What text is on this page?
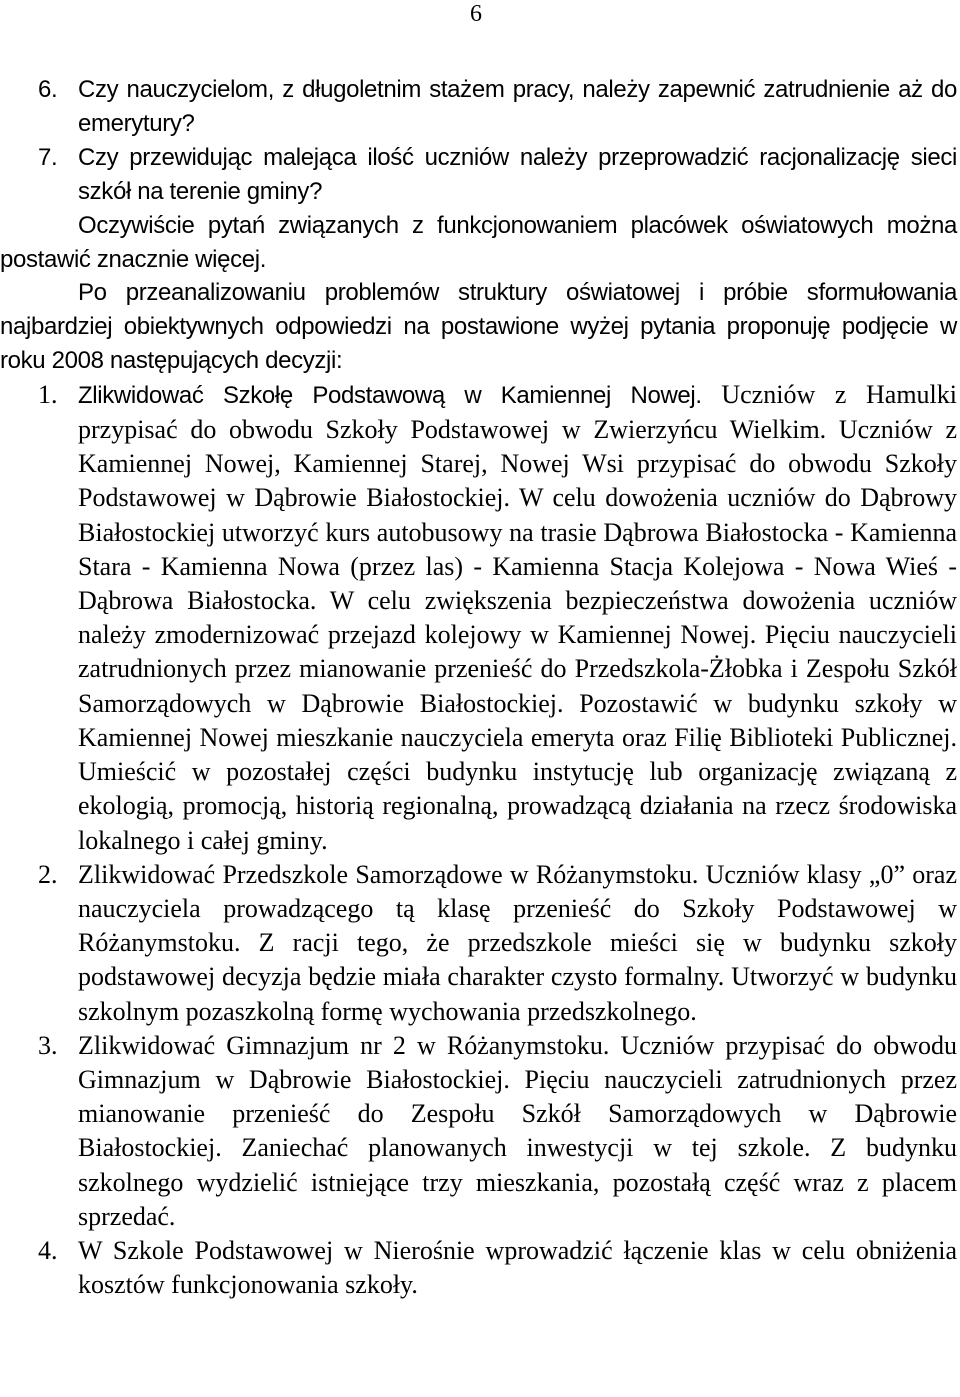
6
6. Czy nauczycielom, z długoletnim stażem pracy, należy zapewnić zatrudnienie aż do emerytury?
7. Czy przewidując malejąca ilość uczniów należy przeprowadzić racjonalizację sieci szkół na terenie gminy?

Oczywiście pytań związanych z funkcjonowaniem placówek oświatowych można postawić znacznie więcej.

Po przeanalizowaniu problemów struktury oświatowej i próbie sformułowania najbardziej obiektywnych odpowiedzi na postawione wyżej pytania proponuję podjęcie w roku 2008 następujących decyzji:

1. Zlikwidować Szkołę Podstawową w Kamiennej Nowej. Uczniów z Hamulki przypisać do obwodu Szkoły Podstawowej w Zwierzyńcu Wielkim. Uczniów z Kamiennej Nowej, Kamiennej Starej, Nowej Wsi przypisać do obwodu Szkoły Podstawowej w Dąbrowie Białostockiej. W celu dowożenia uczniów do Dąbrowy Białostockiej utworzyć kurs autobusowy na trasie Dąbrowa Białostocka - Kamienna Stara - Kamienna Nowa (przez las) - Kamienna Stacja Kolejowa - Nowa Wieś - Dąbrowa Białostocka. W celu zwiększenia bezpieczeństwa dowożenia uczniów należy zmodernizować przejazd kolejowy w Kamiennej Nowej. Pięciu nauczycieli zatrudnionych przez mianowanie przenieść do Przedszkola-Żłobka i Zespołu Szkół Samorządowych w Dąbrowie Białostockiej. Pozostawić w budynku szkoły w Kamiennej Nowej mieszkanie nauczyciela emeryta oraz Filię Biblioteki Publicznej. Umieścić w pozostałej części budynku instytucję lub organizację związaną z ekologią, promocją, historią regionalną, prowadzącą działania na rzecz środowiska lokalnego i całej gminy.
2. Zlikwidować Przedszkole Samorządowe w Różanymstoku. Uczniów klasy „0” oraz nauczyciela prowadzącego tą klasę przenieść do Szkoły Podstawowej w Różanymstoku. Z racji tego, że przedszkole mieści się w budynku szkoły podstawowej decyzja będzie miała charakter czysto formalny. Utworzyć w budynku szkolnym pozaszkolną formę wychowania przedszkolnego.
3. Zlikwidować Gimnazjum nr 2 w Różanymstoku. Uczniów przypisać do obwodu Gimnazjum w Dąbrowie Białostockiej. Pięciu nauczycieli zatrudnionych przez mianowanie przenieść do Zespołu Szkół Samorządowych w Dąbrowie Białostockiej. Zaniechać planowanych inwestycji w tej szkole. Z budynku szkolnego wydzielić istniejące trzy mieszkania, pozostałą część wraz z placem sprzedać.
4. W Szkole Podstawowej w Nierośnie wprowadzić łączenie klas w celu obniżenia kosztów funkcjonowania szkoły.
